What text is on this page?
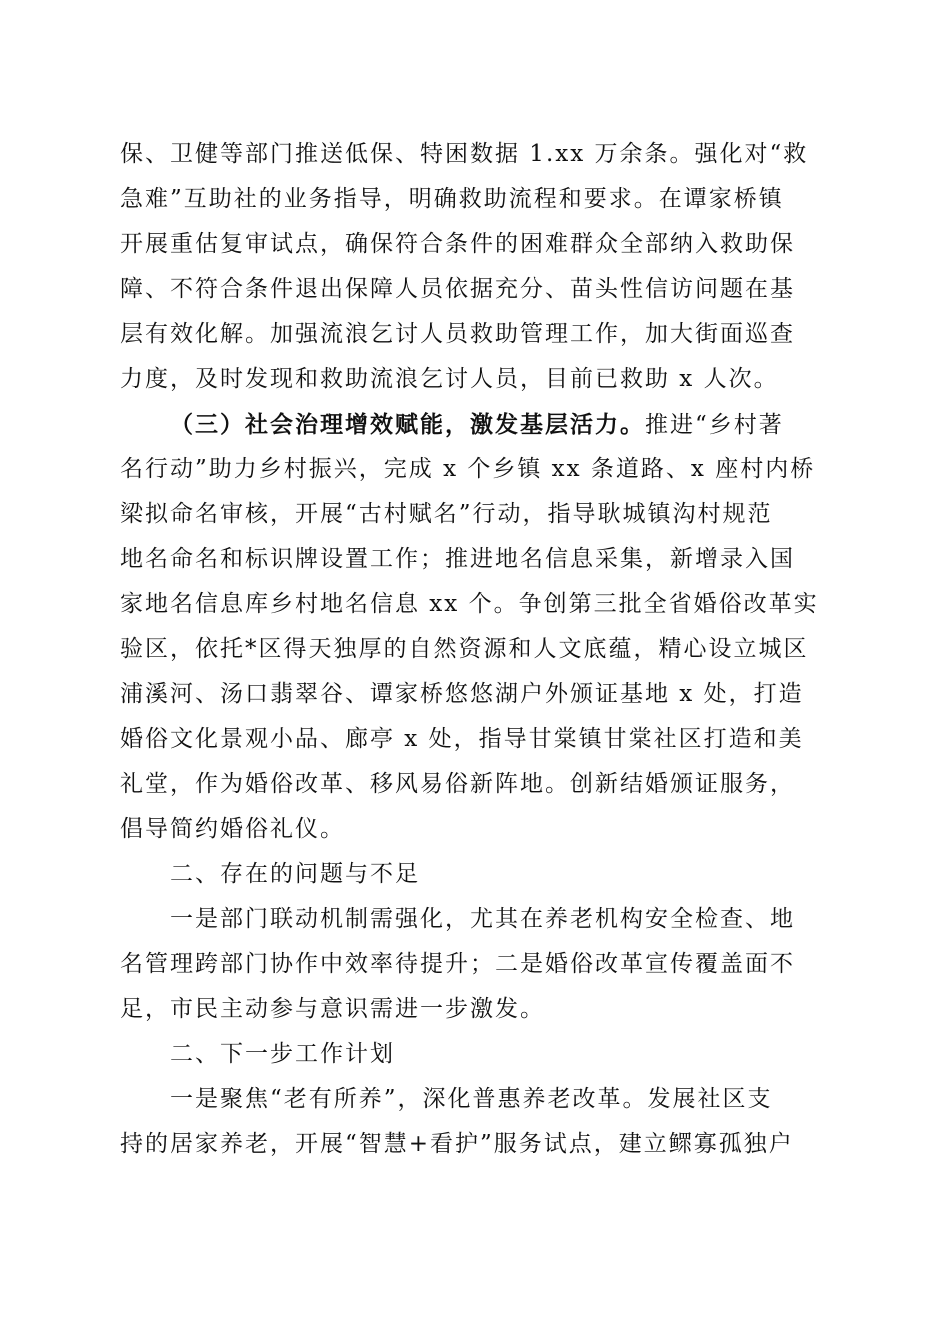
保、卫健等部门推送低保、特困数据 1.xx 万余条。强化对“救
急难”互助社的业务指导，明确救助流程和要求。在谭家桥镇
开展重估复审试点，确保符合条件的困难群众全部纳入救助保
障、不符合条件退出保障人员依据充分、苗头性信访问题在基
层有效化解。加强流浪乞讨人员救助管理工作，加大街面巡查
力度，及时发现和救助流浪乞讨人员，目前已救助 x 人次。
（三）社会治理增效赋能，激发基层活力。推进“乡村著
名行动”助力乡村振兴，完成 x 个乡镇 xx 条道路、x 座村内桥
梁拟命名审核，开展“古村赋名”行动，指导耿城镇沟村规范
地名命名和标识牌设置工作；推进地名信息采集，新增录入国
家地名信息库乡村地名信息 xx 个。争创第三批全省婚俗改革实
验区，依托*区得天独厚的自然资源和人文底蕴，精心设立城区
浦溪河、汤口翡翠谷、谭家桥悠悠湖户外颁证基地 x 处，打造
婚俗文化景观小品、廊亭 x 处，指导甘棠镇甘棠社区打造和美
礼堂，作为婚俗改革、移风易俗新阵地。创新结婚颁证服务，
倡导简约婚俗礼仪。
二、存在的问题与不足
一是部门联动机制需强化，尤其在养老机构安全检查、地
名管理跨部门协作中效率待提升；二是婚俗改革宣传覆盖面不
足，市民主动参与意识需进一步激发。
二、下一步工作计划
一是聚焦“老有所养”，深化普惠养老改革。发展社区支
持的居家养老，开展“智慧+看护”服务试点，建立鳏寡孤独户
